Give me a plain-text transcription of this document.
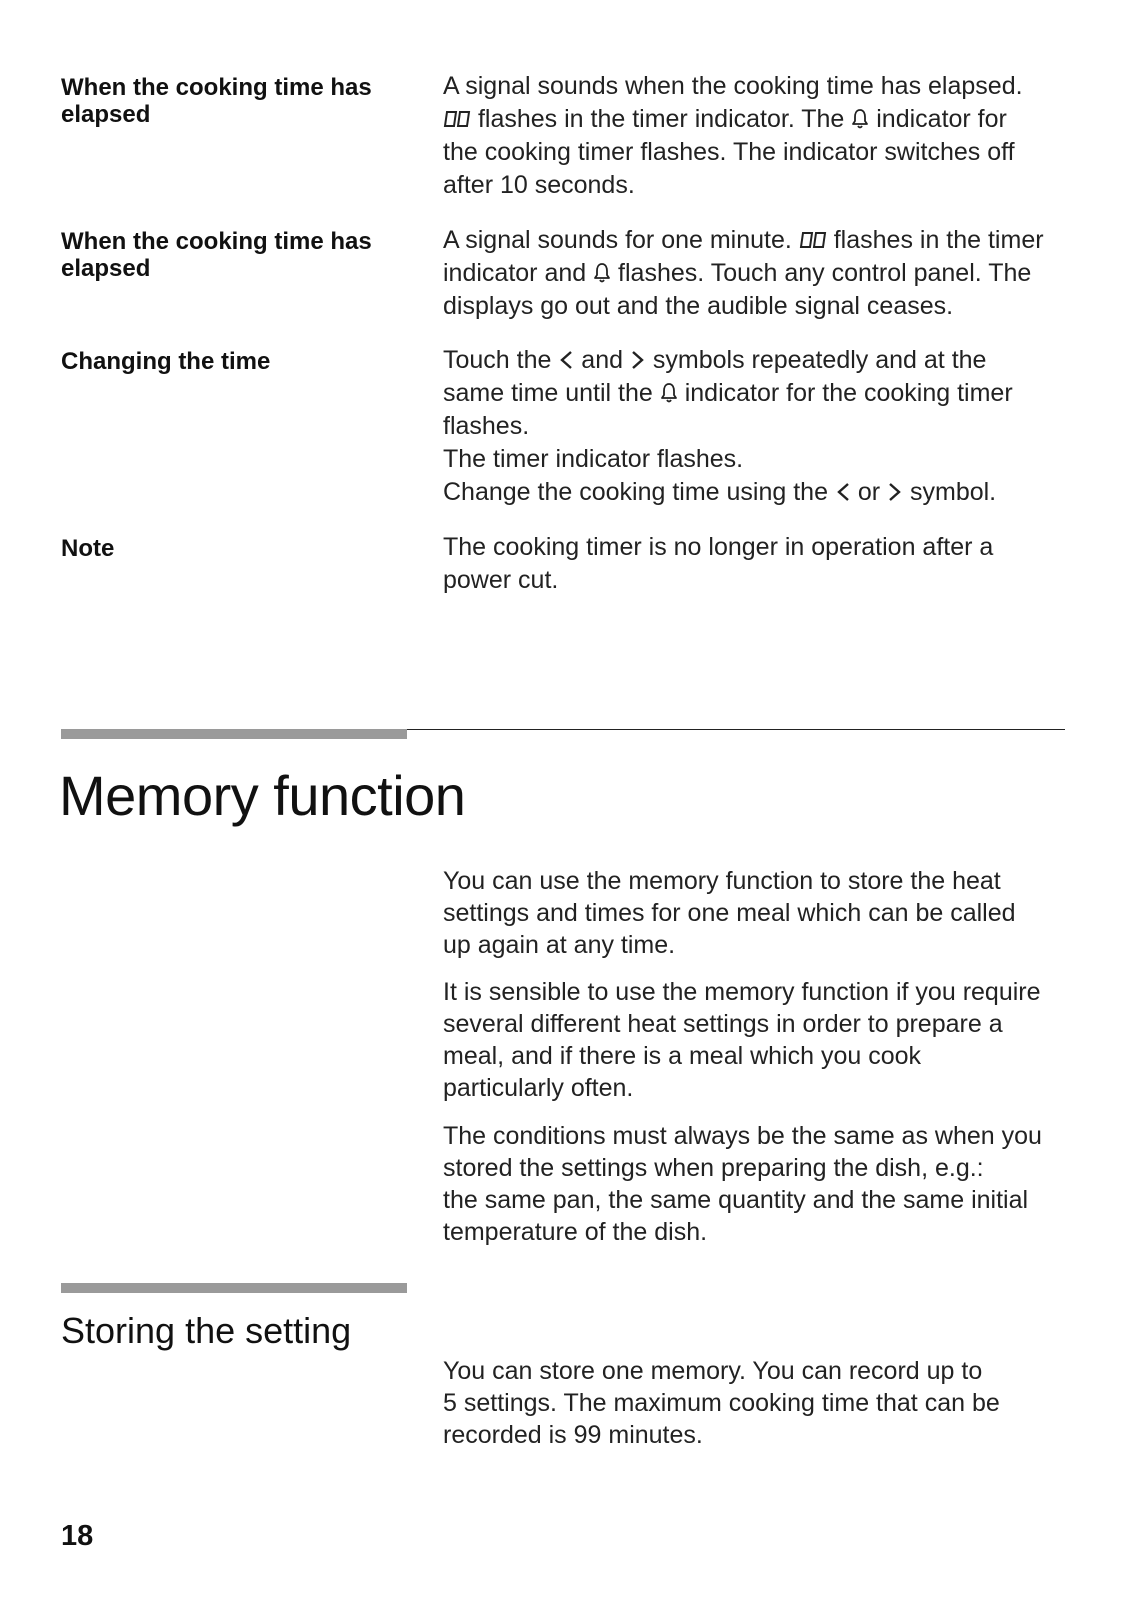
When the cooking time has elapsed

A signal sounds when the cooking time has elapsed.

flashes in the timer indicator. The
indicator for

the cooking timer flashes. The indicator switches off

after 10 seconds.

When the cooking time has elapsed

A signal sounds for one minute.
flashes in the timer

indicator and
flashes. Touch any control panel. The

displays go out and the audible signal ceases.

Changing the time	Touch the
and
symbols repeatedly and at the

same time until the
indicator for the cooking timer

flashes.

The timer indicator flashes.

Change the cooking time using the
or
symbol.

Note	The cooking timer is no longer in operation after a

power cut.

Memory function

You can use the memory function to store the heat

settings and times for one meal which can be called

up again at any time.

It is sensible to use the memory function if you require

several different heat settings in order to prepare a

meal, and if there is a meal which you cook

particularly often.

The conditions must always be the same as when you

stored the settings when preparing the dish, e.g.:

the same pan, the same quantity and the same initial

temperature of the dish.

Storing the setting

You can store one memory. You can record up to

5 settings. The maximum cooking time that can be

recorded is 99 minutes.

18
